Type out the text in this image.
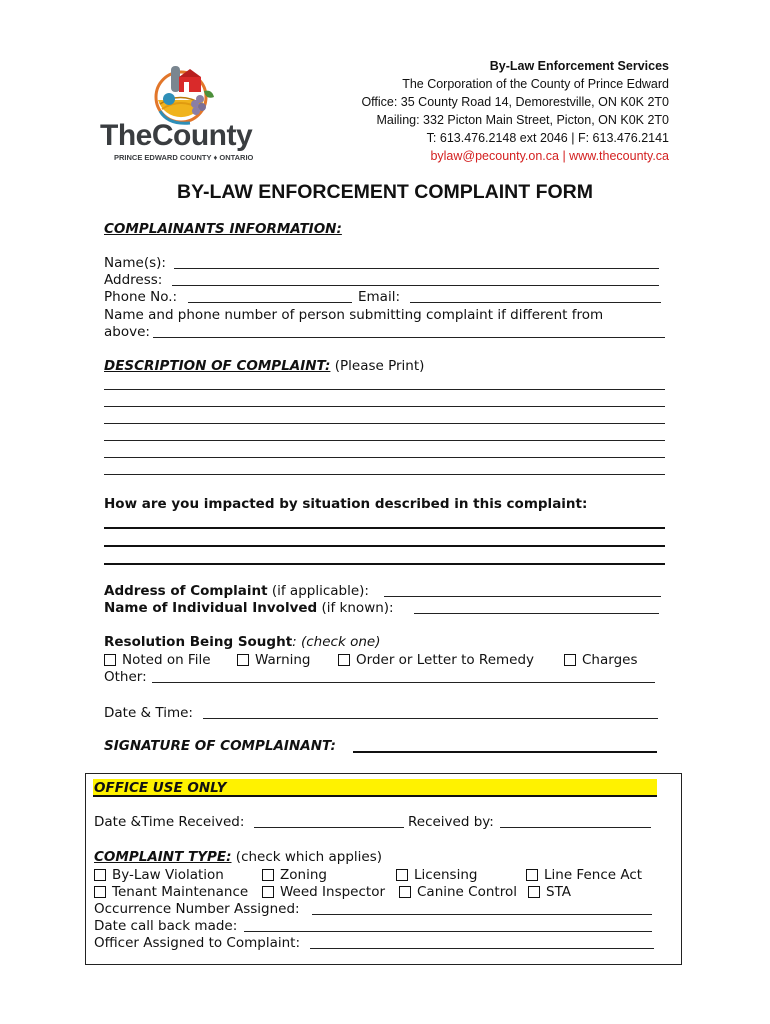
TheCounty
PRINCE EDWARD COUNTY ♦ ONTARIO
By-Law Enforcement Services
The Corporation of the County of Prince Edward
Office: 35 County Road 14, Demorestville, ON K0K 2T0
Mailing: 332 Picton Main Street, Picton, ON K0K 2T0
T: 613.476.2148 ext 2046 | F: 613.476.2141
bylaw@pecounty.on.ca | www.thecounty.ca
BY-LAW ENFORCEMENT COMPLAINT FORM
COMPLAINANTS INFORMATION:
Name(s):
Address:
Phone No.:	Email:
Name and phone number of person submitting complaint if different from
above:
DESCRIPTION OF COMPLAINT: (Please Print)
How are you impacted by situation described in this complaint:
Address of Complaint (if applicable):
Name of Individual Involved (if known):
Resolution Being Sought: (check one)
Noted on File	Warning	Order or Letter to Remedy	Charges
Other:
Date & Time:
SIGNATURE OF COMPLAINANT:
OFFICE USE ONLY
Date &Time Received:	Received by:
COMPLAINT TYPE: (check which applies)
By-Law Violation	Zoning	Licensing	Line Fence Act
Tenant Maintenance	Weed Inspector	Canine Control	STA
Occurrence Number Assigned:
Date call back made:
Officer Assigned to Complaint:
